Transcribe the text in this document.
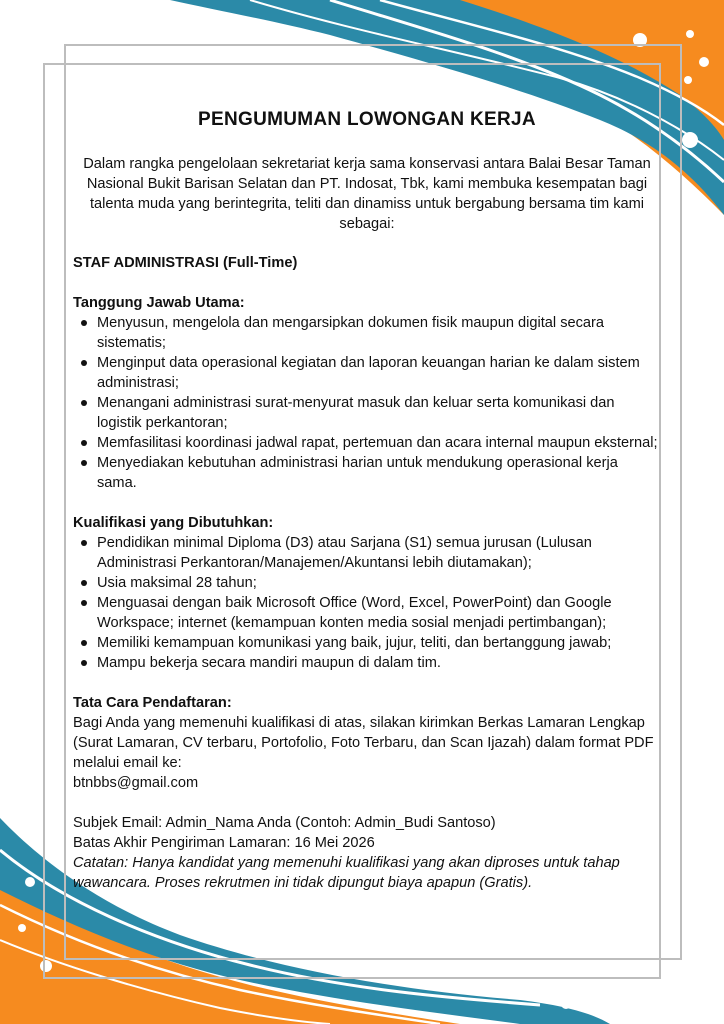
PENGUMUMAN LOWONGAN KERJA

Dalam rangka pengelolaan sekretariat kerja sama konservasi antara Balai Besar Taman Nasional Bukit Barisan Selatan dan PT. Indosat, Tbk, kami membuka kesempatan bagi talenta muda yang berintegrita, teliti dan dinamiss untuk bergabung bersama tim kami sebagai:

STAF ADMINISTRASI (Full-Time)

Tanggung Jawab Utama:

Menyusun, mengelola dan mengarsipkan dokumen fisik maupun digital secara sistematis;
Menginput data operasional kegiatan dan laporan keuangan harian ke dalam sistem administrasi;
Menangani administrasi surat-menyurat masuk dan keluar serta komunikasi dan logistik perkantoran;
Memfasilitasi koordinasi jadwal rapat, pertemuan dan acara internal maupun eksternal;
Menyediakan kebutuhan administrasi harian untuk mendukung operasional kerja sama.

Kualifikasi yang Dibutuhkan:

Pendidikan minimal Diploma (D3) atau Sarjana (S1) semua jurusan (Lulusan Administrasi Perkantoran/Manajemen/Akuntansi lebih diutamakan);
Usia maksimal 28 tahun;
Menguasai dengan baik Microsoft Office (Word, Excel, PowerPoint) dan Google Workspace; internet (kemampuan konten media sosial menjadi pertimbangan);
Memiliki kemampuan komunikasi yang baik, jujur, teliti, dan bertanggung jawab;
Mampu bekerja secara mandiri maupun di dalam tim.

Tata Cara Pendaftaran:

Bagi Anda yang memenuhi kualifikasi di atas, silakan kirimkan Berkas Lamaran Lengkap (Surat Lamaran, CV terbaru, Portofolio, Foto Terbaru, dan Scan Ijazah) dalam format PDF melalui email ke:

btnbbs@gmail.com

Subjek Email: Admin_Nama Anda (Contoh: Admin_Budi Santoso)

Batas Akhir Pengiriman Lamaran: 16 Mei 2026

Catatan: Hanya kandidat yang memenuhi kualifikasi yang akan diproses untuk tahap wawancara. Proses rekrutmen ini tidak dipungut biaya apapun (Gratis).
